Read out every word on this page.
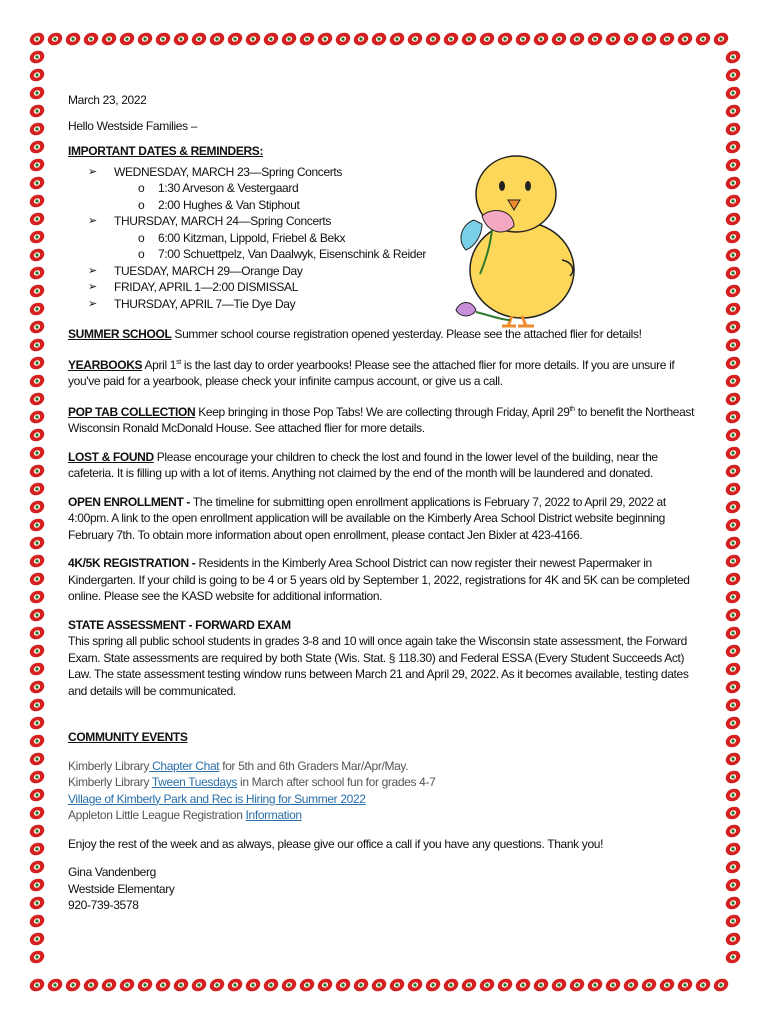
March 23, 2022

Hello Westside Families –

IMPORTANT DATES & REMINDERS:

➢ WEDNESDAY, MARCH 23—Spring Concerts
o 1:30 Arveson & Vestergaard
o 2:00 Hughes & Van Stiphout
➢ THURSDAY, MARCH 24—Spring Concerts
o 6:00 Kitzman, Lippold, Friebel & Bekx
o 7:00 Schuettpelz, Van Daalwyk, Eisenschink & Reider
➢ TUESDAY, MARCH 29—Orange Day
➢ FRIDAY, APRIL 1—2:00 DISMISSAL
➢ THURSDAY, APRIL 7—Tie Dye Day

SUMMER SCHOOL Summer school course registration opened yesterday. Please see the attached flier for details!

YEARBOOKS April 1st is the last day to order yearbooks! Please see the attached flier for more details. If you are unsure if you've paid for a yearbook, please check your infinite campus account, or give us a call.

POP TAB COLLECTION Keep bringing in those Pop Tabs! We are collecting through Friday, April 29th to benefit the Northeast Wisconsin Ronald McDonald House. See attached flier for more details.

LOST & FOUND Please encourage your children to check the lost and found in the lower level of the building, near the cafeteria. It is filling up with a lot of items. Anything not claimed by the end of the month will be laundered and donated.

OPEN ENROLLMENT - The timeline for submitting open enrollment applications is February 7, 2022 to April 29, 2022 at 4:00pm. A link to the open enrollment application will be available on the Kimberly Area School District website beginning February 7th. To obtain more information about open enrollment, please contact Jen Bixler at 423-4166.

4K/5K REGISTRATION - Residents in the Kimberly Area School District can now register their newest Papermaker in Kindergarten. If your child is going to be 4 or 5 years old by September 1, 2022, registrations for 4K and 5K can be completed online. Please see the KASD website for additional information.

STATE ASSESSMENT - FORWARD EXAM

This spring all public school students in grades 3-8 and 10 will once again take the Wisconsin state assessment, the Forward Exam. State assessments are required by both State (Wis. Stat. § 118.30) and Federal ESSA (Every Student Succeeds Act) Law. The state assessment testing window runs between March 21 and April 29, 2022. As it becomes available, testing dates and details will be communicated.

COMMUNITY EVENTS

Kimberly Library Chapter Chat for 5th and 6th Graders Mar/Apr/May.

Kimberly Library Tween Tuesdays in March after school fun for grades 4-7

Village of Kimberly Park and Rec is Hiring for Summer 2022

Appleton Little League Registration Information

Enjoy the rest of the week and as always, please give our office a call if you have any questions. Thank you!

Gina Vandenberg

Westside Elementary

920-739-3578
